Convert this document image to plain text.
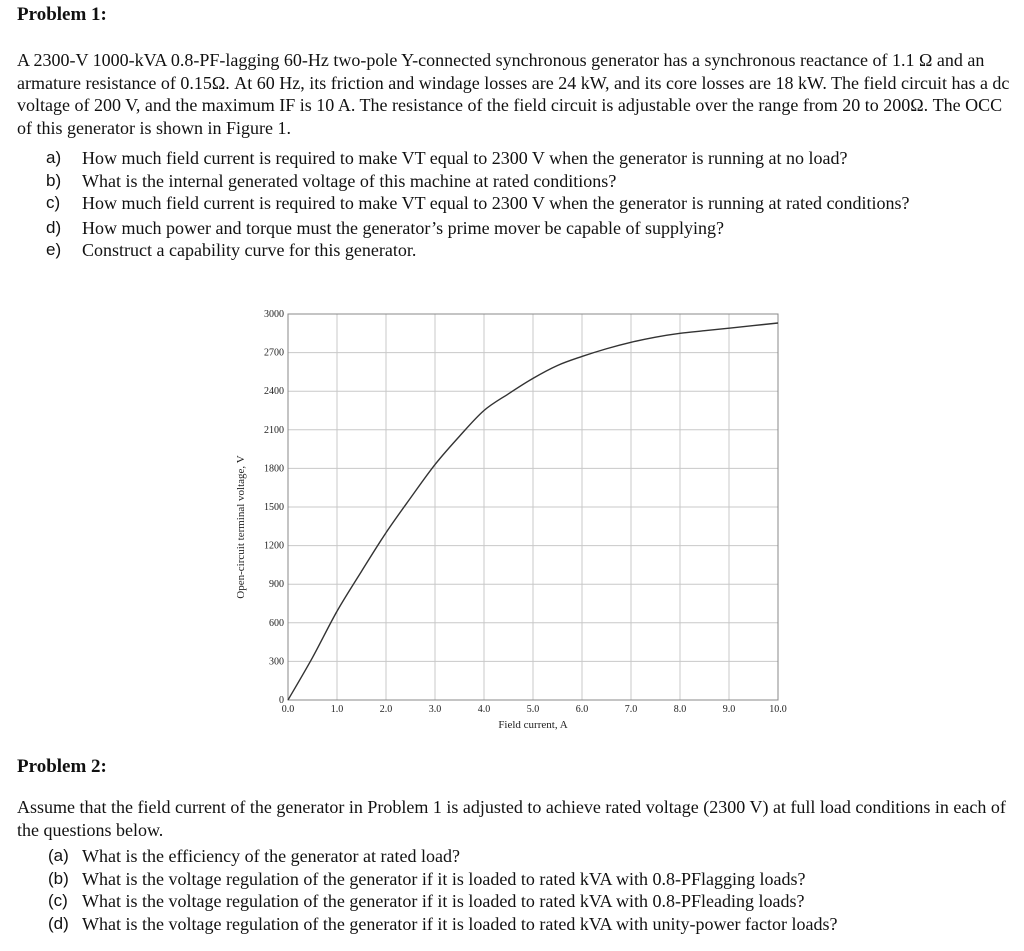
Problem 1:
A 2300-V 1000-kVA 0.8-PF-lagging 60-Hz two-pole Y-connected synchronous generator has a synchronous reactance of 1.1 Ω and an armature resistance of 0.15Ω. At 60 Hz, its friction and windage losses are 24 kW, and its core losses are 18 kW. The field circuit has a dc voltage of 200 V, and the maximum IF is 10 A. The resistance of the field circuit is adjustable over the range from 20 to 200Ω. The OCC of this generator is shown in Figure 1.
a)	How much field current is required to make VT equal to 2300 V when the generator is running at no load?
b)	What is the internal generated voltage of this machine at rated conditions?
c)	How much field current is required to make VT equal to 2300 V when the generator is running at rated conditions?
d)	How much power and torque must the generator’s prime mover be capable of supplying?
e)	Construct a capability curve for this generator.
0.0	1.0	2.0	3.0	4.0	5.0	6.0	7.0	8.0	9.0	10.0
0
300
600
900
1200
1500
1800
2100
2400
2700
3000
Field current, A
Open-circuit terminal voltage, V
Problem 2:
Assume that the field current of the generator in Problem 1 is adjusted to achieve rated voltage (2300 V) at full load conditions in each of the questions below.
(a) What is the efficiency of the generator at rated load?
(b) What is the voltage regulation of the generator if it is loaded to rated kVA with 0.8-PFlagging loads?
(c) What is the voltage regulation of the generator if it is loaded to rated kVA with 0.8-PFleading loads?
(d) What is the voltage regulation of the generator if it is loaded to rated kVA with unity-power factor loads?
